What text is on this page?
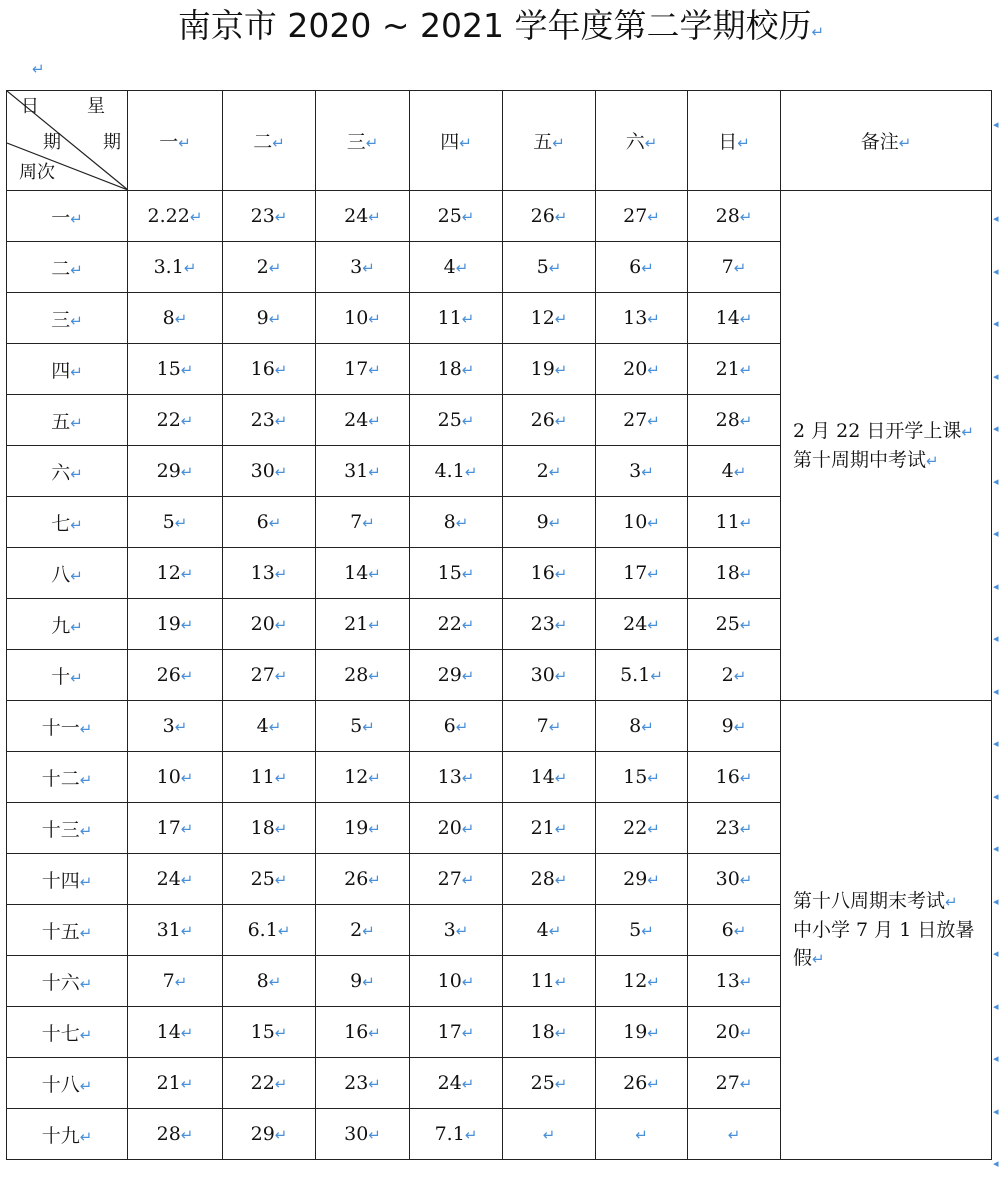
南京市 2020 ~ 2021 学年度第二学期校历↵
↵
日 星
期 期
周次	一↵	二↵	三↵	四↵	五↵	六↵	日↵	备注↵
一↵	2.22↵	23↵	24↵	25↵	26↵	27↵	28↵	2 月 22 日开学上课↵
第十周期中考试↵

二↵	3.1↵	2↵	3↵	4↵	5↵	6↵	7↵	
三↵	8↵	9↵	10↵	11↵	12↵	13↵	14↵	
四↵	15↵	16↵	17↵	18↵	19↵	20↵	21↵	
五↵	22↵	23↵	24↵	25↵	26↵	27↵	28↵	
六↵	29↵	30↵	31↵	4.1↵	2↵	3↵	4↵	
七↵	5↵	6↵	7↵	8↵	9↵	10↵	11↵	
八↵	12↵	13↵	14↵	15↵	16↵	17↵	18↵	
九↵	19↵	20↵	21↵	22↵	23↵	24↵	25↵	
十↵	26↵	27↵	28↵	29↵	30↵	5.1↵	2↵	
十一↵	3↵	4↵	5↵	6↵	7↵	8↵	9↵	第十八周期末考试↵
中小学 7 月 1 日放暑假↵

十二↵	10↵	11↵	12↵	13↵	14↵	15↵	16↵	
十三↵	17↵	18↵	19↵	20↵	21↵	22↵	23↵	
十四↵	24↵	25↵	26↵	27↵	28↵	29↵	30↵	
十五↵	31↵	6.1↵	2↵	3↵	4↵	5↵	6↵	
十六↵	7↵	8↵	9↵	10↵	11↵	12↵	13↵	
十七↵	14↵	15↵	16↵	17↵	18↵	19↵	20↵	
十八↵	21↵	22↵	23↵	24↵	25↵	26↵	27↵	
十九↵	28↵	29↵	30↵	7.1↵	↵	↵	↵	
◂
◂
◂
◂
◂
◂
◂
◂
◂
◂
◂
◂
◂
◂
◂
◂
◂
◂
◂
◂
